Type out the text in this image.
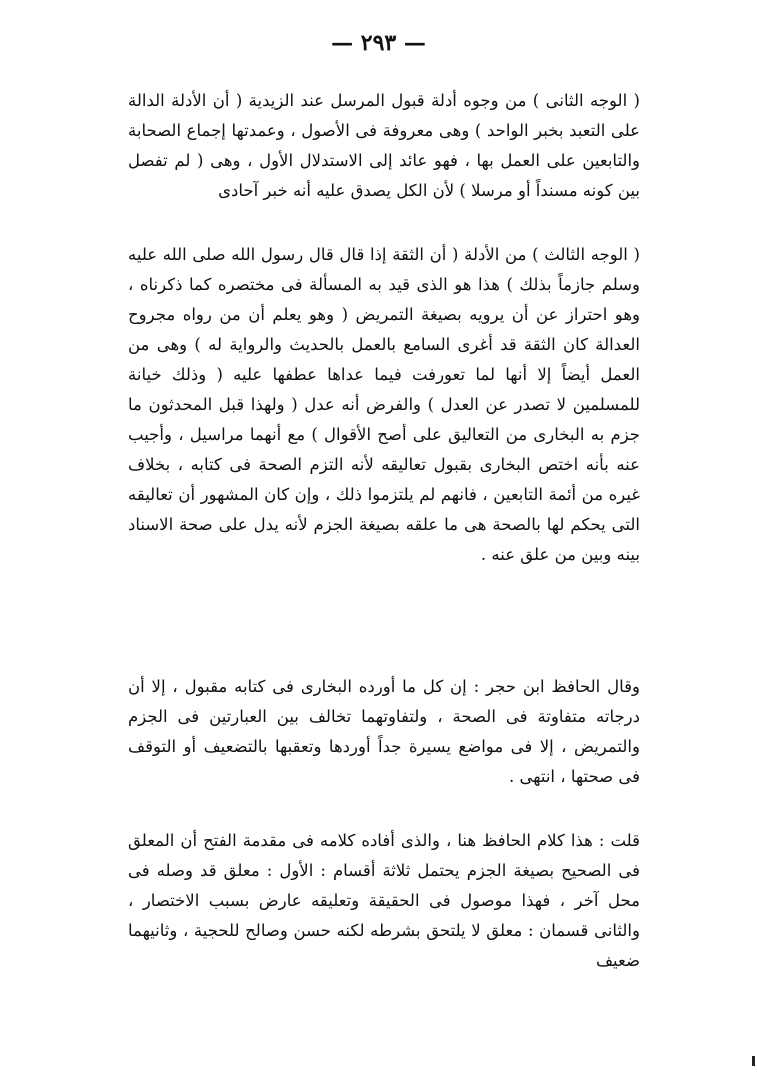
— ٢٩٣ —
( الوجه الثانى ) من وجوه أدلة قبول المرسل عند الزيدية ( أن الأدلة الدالة على التعبد بخبر الواحد ) وهى معروفة فى الأصول ، وعمدتها إجماع الصحابة والتابعين على العمل بها ، فهو عائد إلى الاستدلال الأول ، وهى ( لم تفصل بين كونه مسنداً أو مرسلا ) لأن الكل يصدق عليه أنه خبر آحادى
( الوجه الثالث ) من الأدلة ( أن الثقة إذا قال قال رسول الله صلى الله عليه وسلم جازماً بذلك ) هذا هو الذى قيد به المسألة فى مختصره كما ذكرناه ، وهو احتراز عن أن يرويه بصيغة التمريض ( وهو يعلم أن من رواه مجروح العدالة كان الثقة قد أغرى السامع بالعمل بالحديث والرواية له ) وهى من العمل أيضاً إلا أنها لما تعورفت فيما عداها عطفها عليه ( وذلك خيانة للمسلمين لا تصدر عن العدل ) والفرض أنه عدل ( ولهذا قبل المحدثون ما جزم به البخارى من التعاليق على أصح الأقوال ) مع أنهما مراسيل ، وأجيب عنه بأنه اختص البخارى بقبول تعاليقه لأنه التزم الصحة فى كتابه ، بخلاف غيره من أئمة التابعين ، فانهم لم يلتزموا ذلك ، وإن كان المشهور أن تعاليقه التى يحكم لها بالصحة هى ما علقه بصيغة الجزم لأنه يدل على صحة الاسناد بينه وبين من علق عنه .
وقال الحافظ ابن حجر : إن كل ما أورده البخارى فى كتابه مقبول ، إلا أن درجاته متفاوتة فى الصحة ، ولتفاوتهما تخالف بين العبارتين فى الجزم والتمريض ، إلا فى مواضع يسيرة جداً أوردها وتعقبها بالتضعيف أو التوقف فى صحتها ، انتهى .
قلت : هذا كلام الحافظ هنا ، والذى أفاده كلامه فى مقدمة الفتح أن المعلق فى الصحيح بصيغة الجزم يحتمل ثلاثة أقسام : الأول : معلق قد وصله فى محل آخر ، فهذا موصول فى الحقيقة وتعليقه عارض بسبب الاختصار ، والثانى قسمان : معلق لا يلتحق بشرطه لكنه حسن وصالح للحجية ، وثانيهما ضعيف
